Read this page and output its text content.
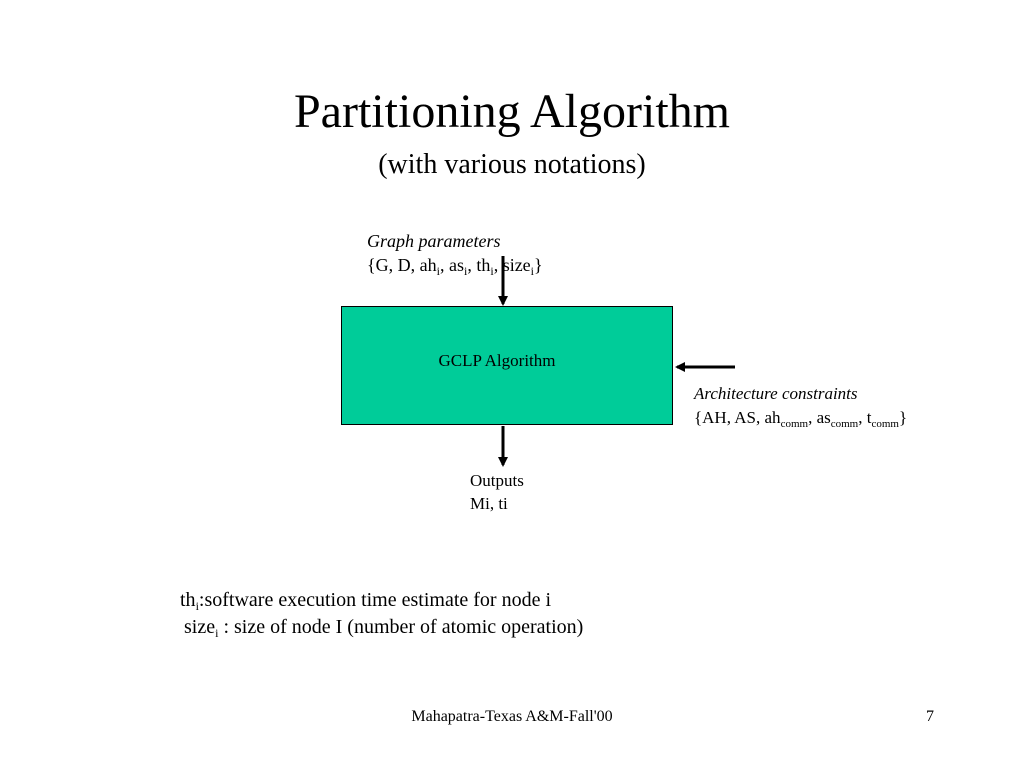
Partitioning Algorithm
(with various notations)
Graph parameters
{G, D, $ah_i$, $as_i$, $th_i$, size$_i$}
GCLP Algorithm
Architecture constraints
{AH, AS, $ah_{comm}$, $as_{comm}$, $t_{comm}$}
Outputs
Mi, ti
$th_i:software$ execution time estimate for node i
size$_i$ : size of node I (number of atomic operation)
Mahapatra-Texas A&M-Fall'00	7
